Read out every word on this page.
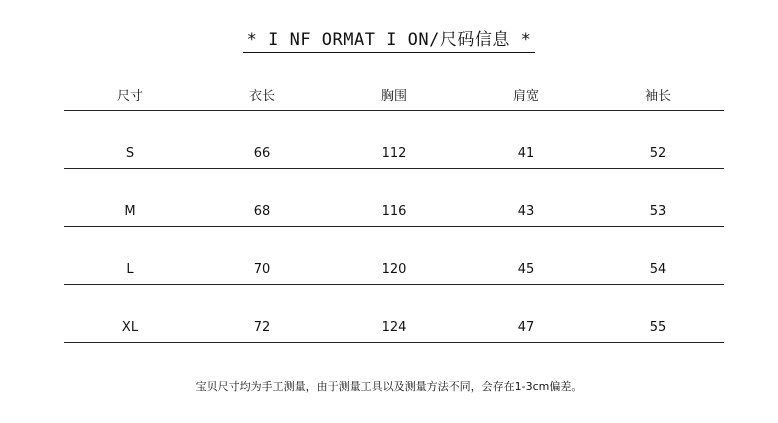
* I NF ORMAT I ON/尺码信息 *
尺寸	衣长	胸围	肩宽	袖长
S	66	112	41	52
M	68	116	43	53
L	70	120	45	54
XL	72	124	47	55
宝贝尺寸均为手工测量，由于测量工具以及测量方法不同，会存在1-3cm偏差。
